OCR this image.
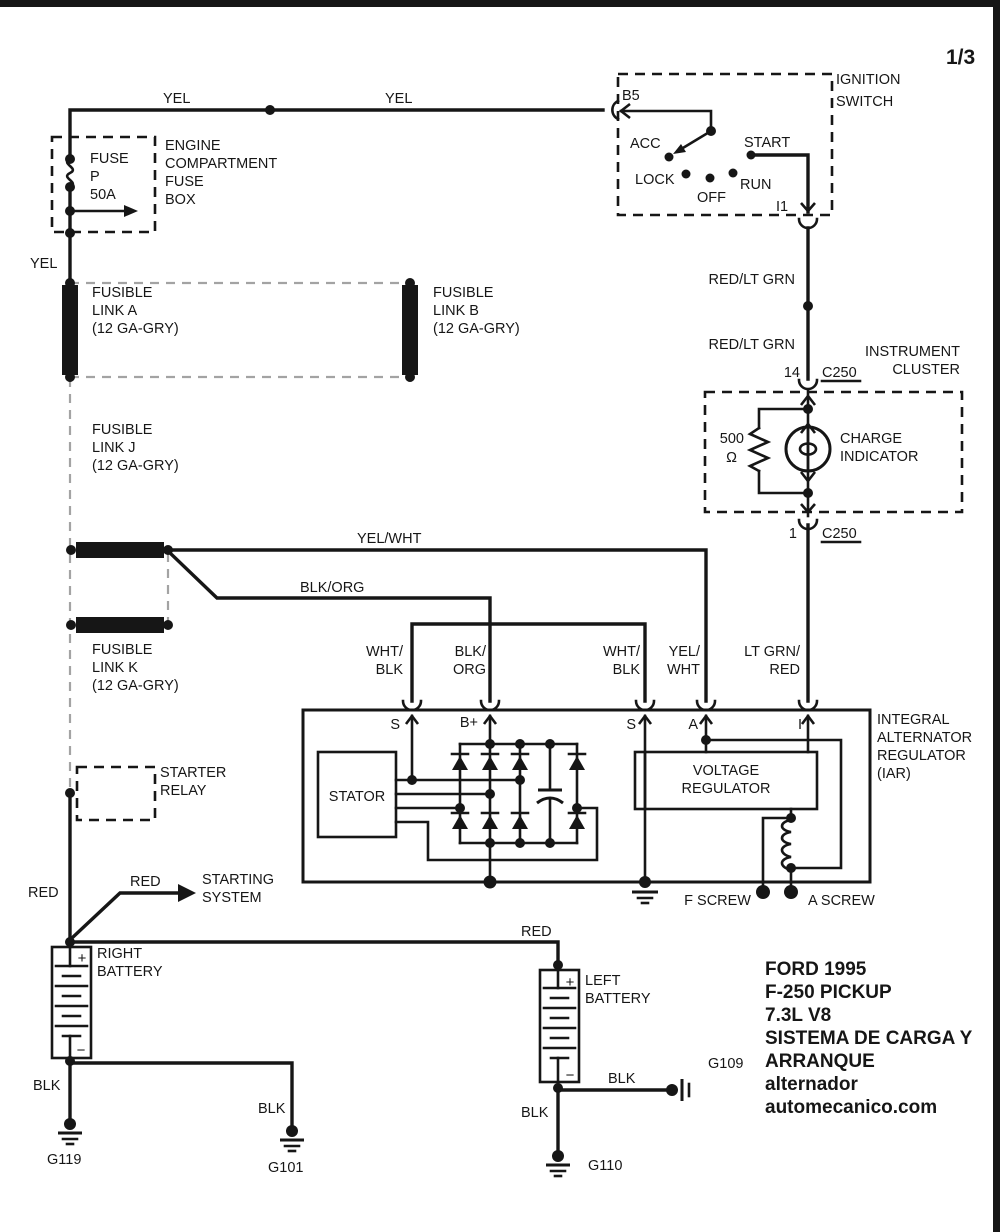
1/3
YEL	YEL
FUSE
P
50A
ENGINE
COMPARTMENT
FUSE
BOX
YEL
B5
ACC
LOCK
OFF
RUN
START
I1
IGNITION
SWITCH
RED/LT GRN
RED/LT GRN
14 C250
INSTRUMENT
CLUSTER
500
Ω
CHARGE
INDICATOR
1 C250
LT GRN/
RED
FUSIBLE
LINK A
(12 GA-GRY)
FUSIBLE
LINK B
(12 GA-GRY)
FUSIBLE
LINK J
(12 GA-GRY)
FUSIBLE
LINK K
(12 GA-GRY)
YEL/WHT
BLK/ORG
WHT/
BLK
BLK/
ORG
WHT/
BLK
YEL/
WHT
S	B+	S	A	I
STATOR
VOLTAGE
REGULATOR
F SCREW	A SCREW
INTEGRAL
ALTERNATOR
REGULATOR
(IAR)
STARTER
RELAY
RED
RED	STARTING
SYSTEM
RED
+
−
RIGHT
BATTERY
BLK
G119
BLK
G101
+
−
LEFT
BATTERY
BLK
G109
BLK
G110
FORD 1995
F-250 PICKUP
7.3L V8
SISTEMA DE CARGA Y
ARRANQUE
alternador
automecanico.com
